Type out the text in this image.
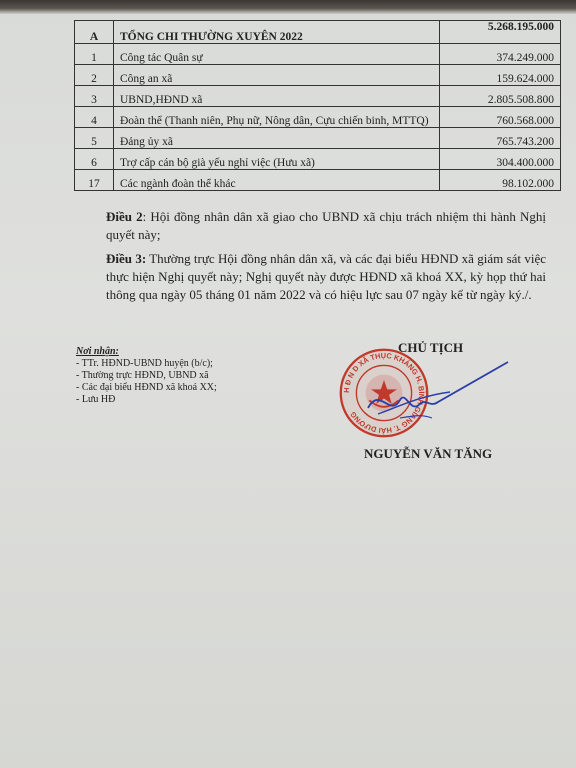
A	TỔNG CHI THƯỜNG XUYÊN 2022	5.268.195.000
1	Công tác Quân sự	374.249.000
2	Công an xã	159.624.000
3	UBND,HĐND xã	2.805.508.800
4	Đoàn thể (Thanh niên, Phụ nữ, Nông dân, Cựu chiến binh, MTTQ)	760.568.000
5	Đảng ủy xã	765.743.200
6	Trợ cấp cán bộ già yếu nghỉ việc (Hưu xã)	304.400.000
17	Các ngành đoàn thể khác	98.102.000
Điều 2: Hội đồng nhân dân xã giao cho UBND xã chịu trách nhiệm thi hành Nghị quyết này;
Điều 3: Thường trực Hội đồng nhân dân xã, và các đại biểu HĐND xã giám sát việc thực hiện Nghị quyết này; Nghị quyết này được HĐND xã khoá XX, kỳ họp thứ hai thông qua ngày 05 tháng 01 năm 2022 và có hiệu lực sau 07 ngày kể từ ngày ký./.
Nơi nhận:
- TTr. HĐND-UBND huyện (b/c);
- Thường trực HĐND, UBND xã
- Các đại biểu HĐND xã khoá XX;
- Lưu HĐ
H Đ N D XÃ THỤC KHÁNG H. BÌNH GIANG T. HẢI DƯƠNG
CHỦ TỊCH
NGUYỄN VĂN TĂNG
